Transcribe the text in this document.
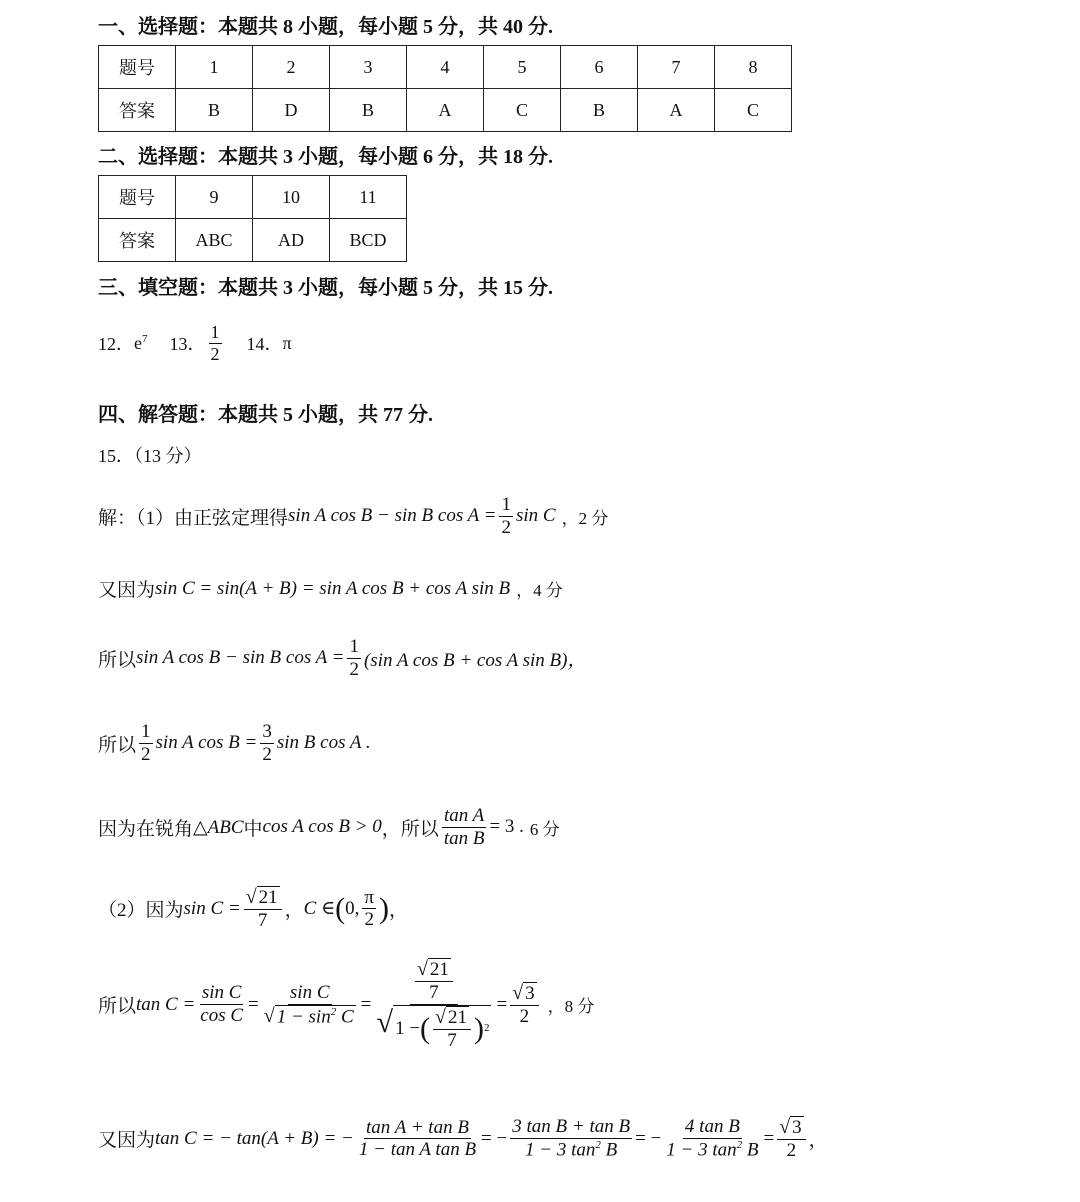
一、选择题：本题共 8 小题，每小题 5 分，共 40 分.
题号	1	2	3	4	5	6	7	8
答案	B	D	B	A	C	B	A	C
二、选择题：本题共 3 小题，每小题 6 分，共 18 分.
题号	9	10	11
答案	ABC	AD	BCD
三、填空题：本题共 3 小题，每小题 5 分，共 15 分.
12． $e^7$ 13． $\frac{1}{2} 14$． π
四、解答题：本题共 5 小题，共 77 分.
15．（13 分）
解：（1）由正弦定理得 sin A cos B − sin B $\cos A = \frac{1}{2}$ sin C ，2 分
又因为 sin C = sin(A + B) = sin A cos B + cos A sin B ，4 分
所以 sin A cos B − sin B $\cos A = \frac{1}{2} (\sin$ A cos B + cos A sin B)，
所以 $\frac{1}{2}$ sin A $\cos B = \frac{3}{2}$ sin B cos A .
因为在锐角 △ABC 中 cos A cos B > 0 ，所以 $\frac{\text{tan A}}{\text{tan B}} = 3$ . 6 分
（2）因为 $\sin C = \frac{√ 21}{7}$ ， C ∈ ( 0, $\frac{\pi}{2}$ ) ，
所以 $\tan C = \frac{\text{sin C}}{\text{cos C}} = \frac{\text{sin C}}{√ 1 - \sin^2 C} = \frac{\frac{√ 21}{7}}{√ 1 - ( \frac{√ 21}{7} ) 2} = \frac{√ 3}{2}$ ，8 分
又因为 tan C = − tan(A + B) = − $\frac{\text{tan A + tan B}}{\text{1 − tan A tan B}}$ = − $\frac{\text{3 tan B + tan B}}{1 - 3 \tan^2 B}$ = − $\frac{\text{4 tan B}}{1 - 3 \tan^2 B} = \frac{√ 3}{2}$ ，
